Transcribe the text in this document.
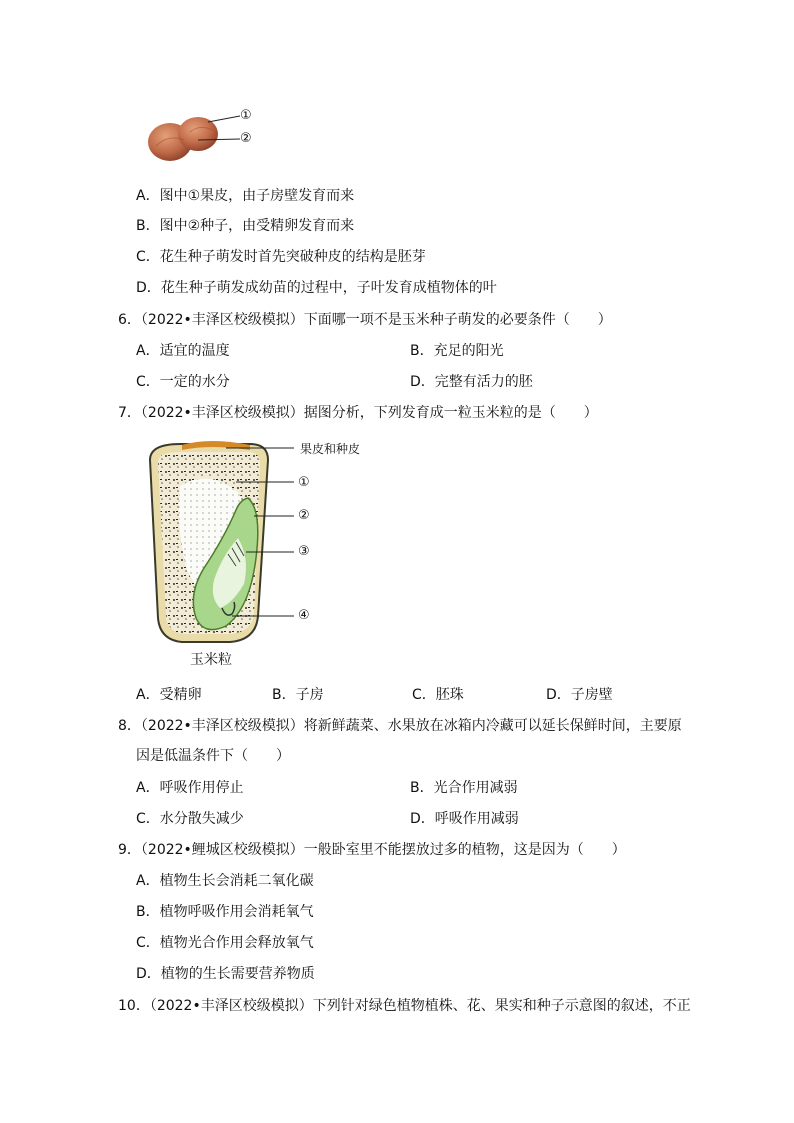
①
②
A．图中①果皮，由子房壁发育而来
B．图中②种子，由受精卵发育而来
C．花生种子萌发时首先突破种皮的结构是胚芽
D．花生种子萌发成幼苗的过程中，子叶发育成植物体的叶
6．（2022•丰泽区校级模拟）下面哪一项不是玉米种子萌发的必要条件（　　）
A．适宜的温度	B．充足的阳光
C．一定的水分	D．完整有活力的胚
7．（2022•丰泽区校级模拟）据图分析，下列发育成一粒玉米粒的是（　　）
果皮和种皮
①
②
③
④
玉米粒
A．受精卵	B．子房	C．胚珠	D．子房壁
8．（2022•丰泽区校级模拟）将新鲜蔬菜、水果放在冰箱内冷藏可以延长保鲜时间，主要原
因是低温条件下（　　）
A．呼吸作用停止	B．光合作用减弱
C．水分散失减少	D．呼吸作用减弱
9．（2022•鲤城区校级模拟）一般卧室里不能摆放过多的植物，这是因为（　　）
A．植物生长会消耗二氧化碳
B．植物呼吸作用会消耗氧气
C．植物光合作用会释放氧气
D．植物的生长需要营养物质
10．（2022•丰泽区校级模拟）下列针对绿色植物植株、花、果实和种子示意图的叙述，不正
